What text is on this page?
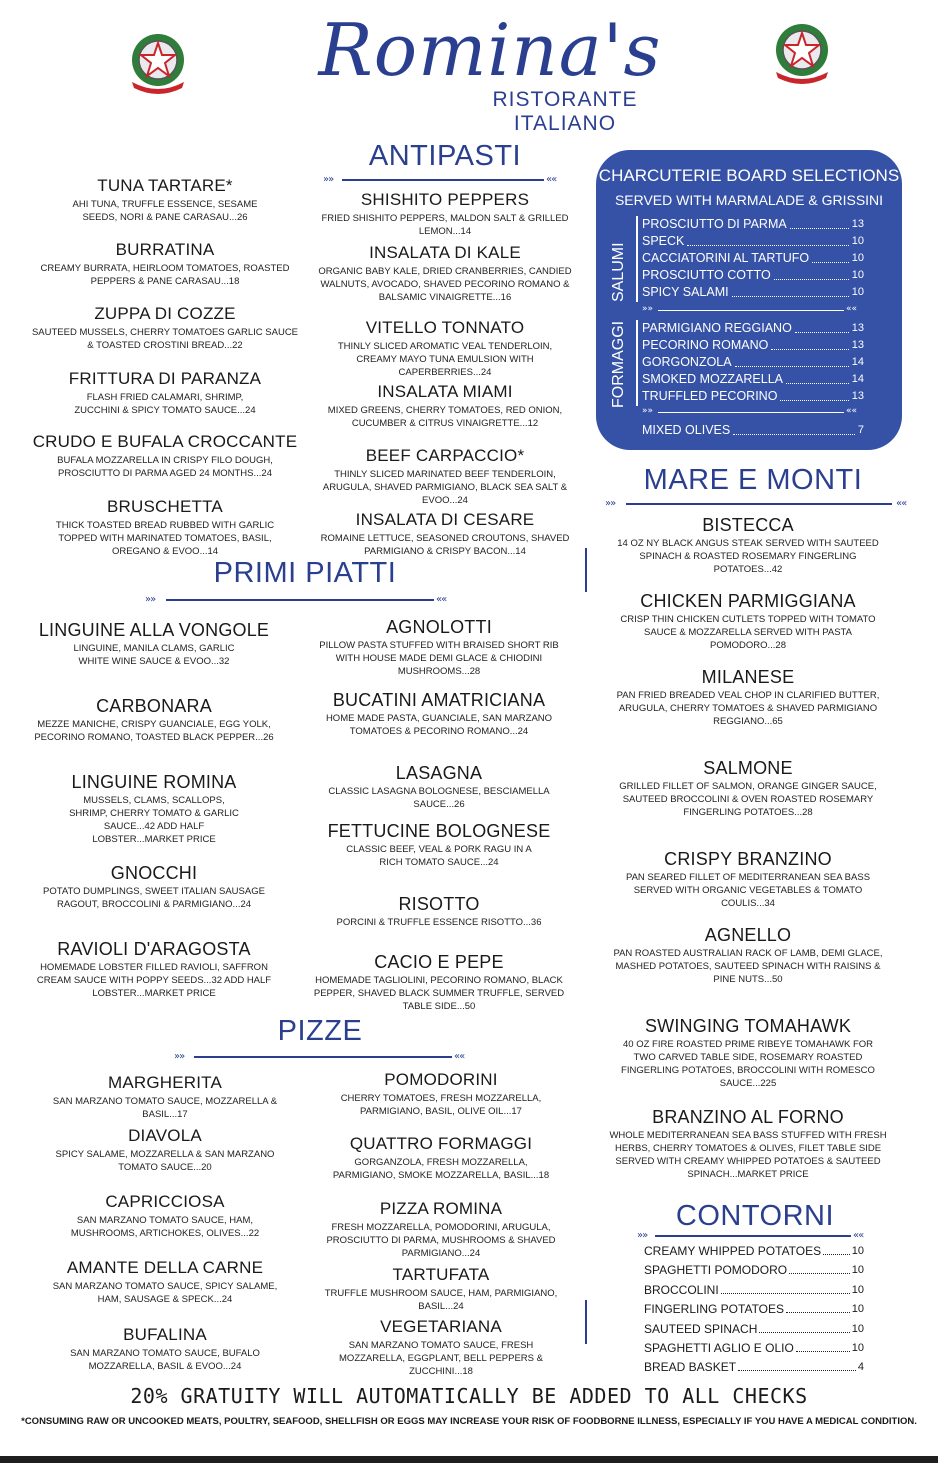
Romina's
RISTORANTE ITALIANO
ANTIPASTI
»»	««
TUNA TARTARE*
AHI TUNA, TRUFFLE ESSENCE, SESAME SEEDS, NORI & PANE CARASAU...26
BURRATINA
CREAMY BURRATA, HEIRLOOM TOMATOES, ROASTED PEPPERS & PANE CARASAU...18
ZUPPA DI COZZE
SAUTEED MUSSELS, CHERRY TOMATOES GARLIC SAUCE & TOASTED CROSTINI BREAD...22
FRITTURA DI PARANZA
FLASH FRIED CALAMARI, SHRIMP, ZUCCHINI & SPICY TOMATO SAUCE...24
CRUDO E BUFALA CROCCANTE
BUFALA MOZZARELLA IN CRISPY FILO DOUGH, PROSCIUTTO DI PARMA AGED 24 MONTHS...24
BRUSCHETTA
THICK TOASTED BREAD RUBBED WITH GARLIC TOPPED WITH MARINATED TOMATOES, BASIL, OREGANO & EVOO...14
SHISHITO PEPPERS
FRIED SHISHITO PEPPERS, MALDON SALT & GRILLED LEMON...14
INSALATA DI KALE
ORGANIC BABY KALE, DRIED CRANBERRIES, CANDIED WALNUTS, AVOCADO, SHAVED PECORINO ROMANO & BALSAMIC VINAIGRETTE...16
VITELLO TONNATO
THINLY SLICED AROMATIC VEAL TENDERLOIN, CREAMY MAYO TUNA EMULSION WITH CAPERBERRIES...24
INSALATA MIAMI
MIXED GREENS, CHERRY TOMATOES, RED ONION, CUCUMBER & CITRUS VINAIGRETTE...12
BEEF CARPACCIO*
THINLY SLICED MARINATED BEEF TENDERLOIN, ARUGULA, SHAVED PARMIGIANO, BLACK SEA SALT & EVOO...24
INSALATA DI CESARE
ROMAINE LETTUCE, SEASONED CROUTONS, SHAVED PARMIGIANO & CRISPY BACON...14
CHARCUTERIE BOARD SELECTIONS
SERVED WITH MARMALADE & GRISSINI
SALUMI
PROSCIUTTO DI PARMA	13
SPECK	10
CACCIATORINI AL TARTUFO	10
PROSCIUTTO COTTO	10
SPICY SALAMI	10
»»	««
FORMAGGI PARMIGIANO REGGIANO	13
PECORINO ROMANO	13
GORGONZOLA	14
SMOKED MOZZARELLA	14
TRUFFLED PECORINO	13
»»	««
MIXED OLIVES	7
PRIMI PIATTI
»»	««
LINGUINE ALLA VONGOLE
LINGUINE, MANILA CLAMS, GARLIC WHITE WINE SAUCE & EVOO...32
CARBONARA
MEZZE MANICHE, CRISPY GUANCIALE, EGG YOLK, PECORINO ROMANO, TOASTED BLACK PEPPER...26
LINGUINE ROMINA
MUSSELS, CLAMS, SCALLOPS, SHRIMP, CHERRY TOMATO & GARLIC SAUCE...42 ADD HALF LOBSTER...MARKET PRICE
GNOCCHI
POTATO DUMPLINGS, SWEET ITALIAN SAUSAGE RAGOUT, BROCCOLINI & PARMIGIANO...24
RAVIOLI D'ARAGOSTA
HOMEMADE LOBSTER FILLED RAVIOLI, SAFFRON CREAM SAUCE WITH POPPY SEEDS...32 ADD HALF LOBSTER...MARKET PRICE
AGNOLOTTI
PILLOW PASTA STUFFED WITH BRAISED SHORT RIB WITH HOUSE MADE DEMI GLACE & CHIODINI MUSHROOMS...28
BUCATINI AMATRICIANA
HOME MADE PASTA, GUANCIALE, SAN MARZANO TOMATOES & PECORINO ROMANO...24
LASAGNA
CLASSIC LASAGNA BOLOGNESE, BESCIAMELLA SAUCE...26
FETTUCINE BOLOGNESE
CLASSIC BEEF, VEAL & PORK RAGU IN A RICH TOMATO SAUCE...24
RISOTTO
PORCINI & TRUFFLE ESSENCE RISOTTO...36
CACIO E PEPE
HOMEMADE TAGLIOLINI, PECORINO ROMANO, BLACK PEPPER, SHAVED BLACK SUMMER TRUFFLE, SERVED TABLE SIDE...50
PIZZE
»»	««
MARGHERITA
SAN MARZANO TOMATO SAUCE, MOZZARELLA & BASIL...17
DIAVOLA
SPICY SALAME, MOZZARELLA & SAN MARZANO TOMATO SAUCE...20
CAPRICCIOSA
SAN MARZANO TOMATO SAUCE, HAM, MUSHROOMS, ARTICHOKES, OLIVES...22
AMANTE DELLA CARNE
SAN MARZANO TOMATO SAUCE, SPICY SALAME, HAM, SAUSAGE & SPECK...24
BUFALINA
SAN MARZANO TOMATO SAUCE, BUFALO MOZZARELLA, BASIL & EVOO...24
POMODORINI
CHERRY TOMATOES, FRESH MOZZARELLA, PARMIGIANO, BASIL, OLIVE OIL...17
QUATTRO FORMAGGI
GORGANZOLA, FRESH MOZZARELLA, PARMIGIANO, SMOKE MOZZARELLA, BASIL...18
PIZZA ROMINA
FRESH MOZZARELLA, POMODORINI, ARUGULA, PROSCIUTTO DI PARMA, MUSHROOMS & SHAVED PARMIGIANO...24
TARTUFATA
TRUFFLE MUSHROOM SAUCE, HAM, PARMIGIANO, BASIL...24
VEGETARIANA
SAN MARZANO TOMATO SAUCE, FRESH MOZZARELLA, EGGPLANT, BELL PEPPERS & ZUCCHINI...18
MARE E MONTI
»»	««
BISTECCA
14 OZ NY BLACK ANGUS STEAK SERVED WITH SAUTEED SPINACH & ROASTED ROSEMARY FINGERLING POTATOES...42
CHICKEN PARMIGGIANA
CRISP THIN CHICKEN CUTLETS TOPPED WITH TOMATO SAUCE & MOZZARELLA SERVED WITH PASTA POMODORO...28
MILANESE
PAN FRIED BREADED VEAL CHOP IN CLARIFIED BUTTER, ARUGULA, CHERRY TOMATOES & SHAVED PARMIGIANO REGGIANO...65
SALMONE
GRILLED FILLET OF SALMON, ORANGE GINGER SAUCE, SAUTEED BROCCOLINI & OVEN ROASTED ROSEMARY FINGERLING POTATOES...28
CRISPY BRANZINO
PAN SEARED FILLET OF MEDITERRANEAN SEA BASS SERVED WITH ORGANIC VEGETABLES & TOMATO COULIS...34
AGNELLO
PAN ROASTED AUSTRALIAN RACK OF LAMB, DEMI GLACE, MASHED POTATOES, SAUTEED SPINACH WITH RAISINS & PINE NUTS...50
SWINGING TOMAHAWK
40 OZ FIRE ROASTED PRIME RIBEYE TOMAHAWK FOR TWO CARVED TABLE SIDE, ROSEMARY ROASTED FINGERLING POTATOES, BROCCOLINI WITH ROMESCO SAUCE...225
BRANZINO AL FORNO
WHOLE MEDITERRANEAN SEA BASS STUFFED WITH FRESH HERBS, CHERRY TOMATOES & OLIVES, FILET TABLE SIDE SERVED WITH CREAMY WHIPPED POTATOES & SAUTEED SPINACH...MARKET PRICE
CONTORNI
»»	««
CREAMY WHIPPED POTATOES	10
SPAGHETTI POMODORO	10
BROCCOLINI	10
FINGERLING POTATOES	10
SAUTEED SPINACH	10
SPAGHETTI AGLIO E OLIO	10
BREAD BASKET	4
20% GRATUITY WILL AUTOMATICALLY BE ADDED TO ALL CHECKS
*CONSUMING RAW OR UNCOOKED MEATS, POULTRY, SEAFOOD, SHELLFISH OR EGGS MAY INCREASE YOUR RISK OF FOODBORNE ILLNESS, ESPECIALLY IF YOU HAVE A MEDICAL CONDITION.
